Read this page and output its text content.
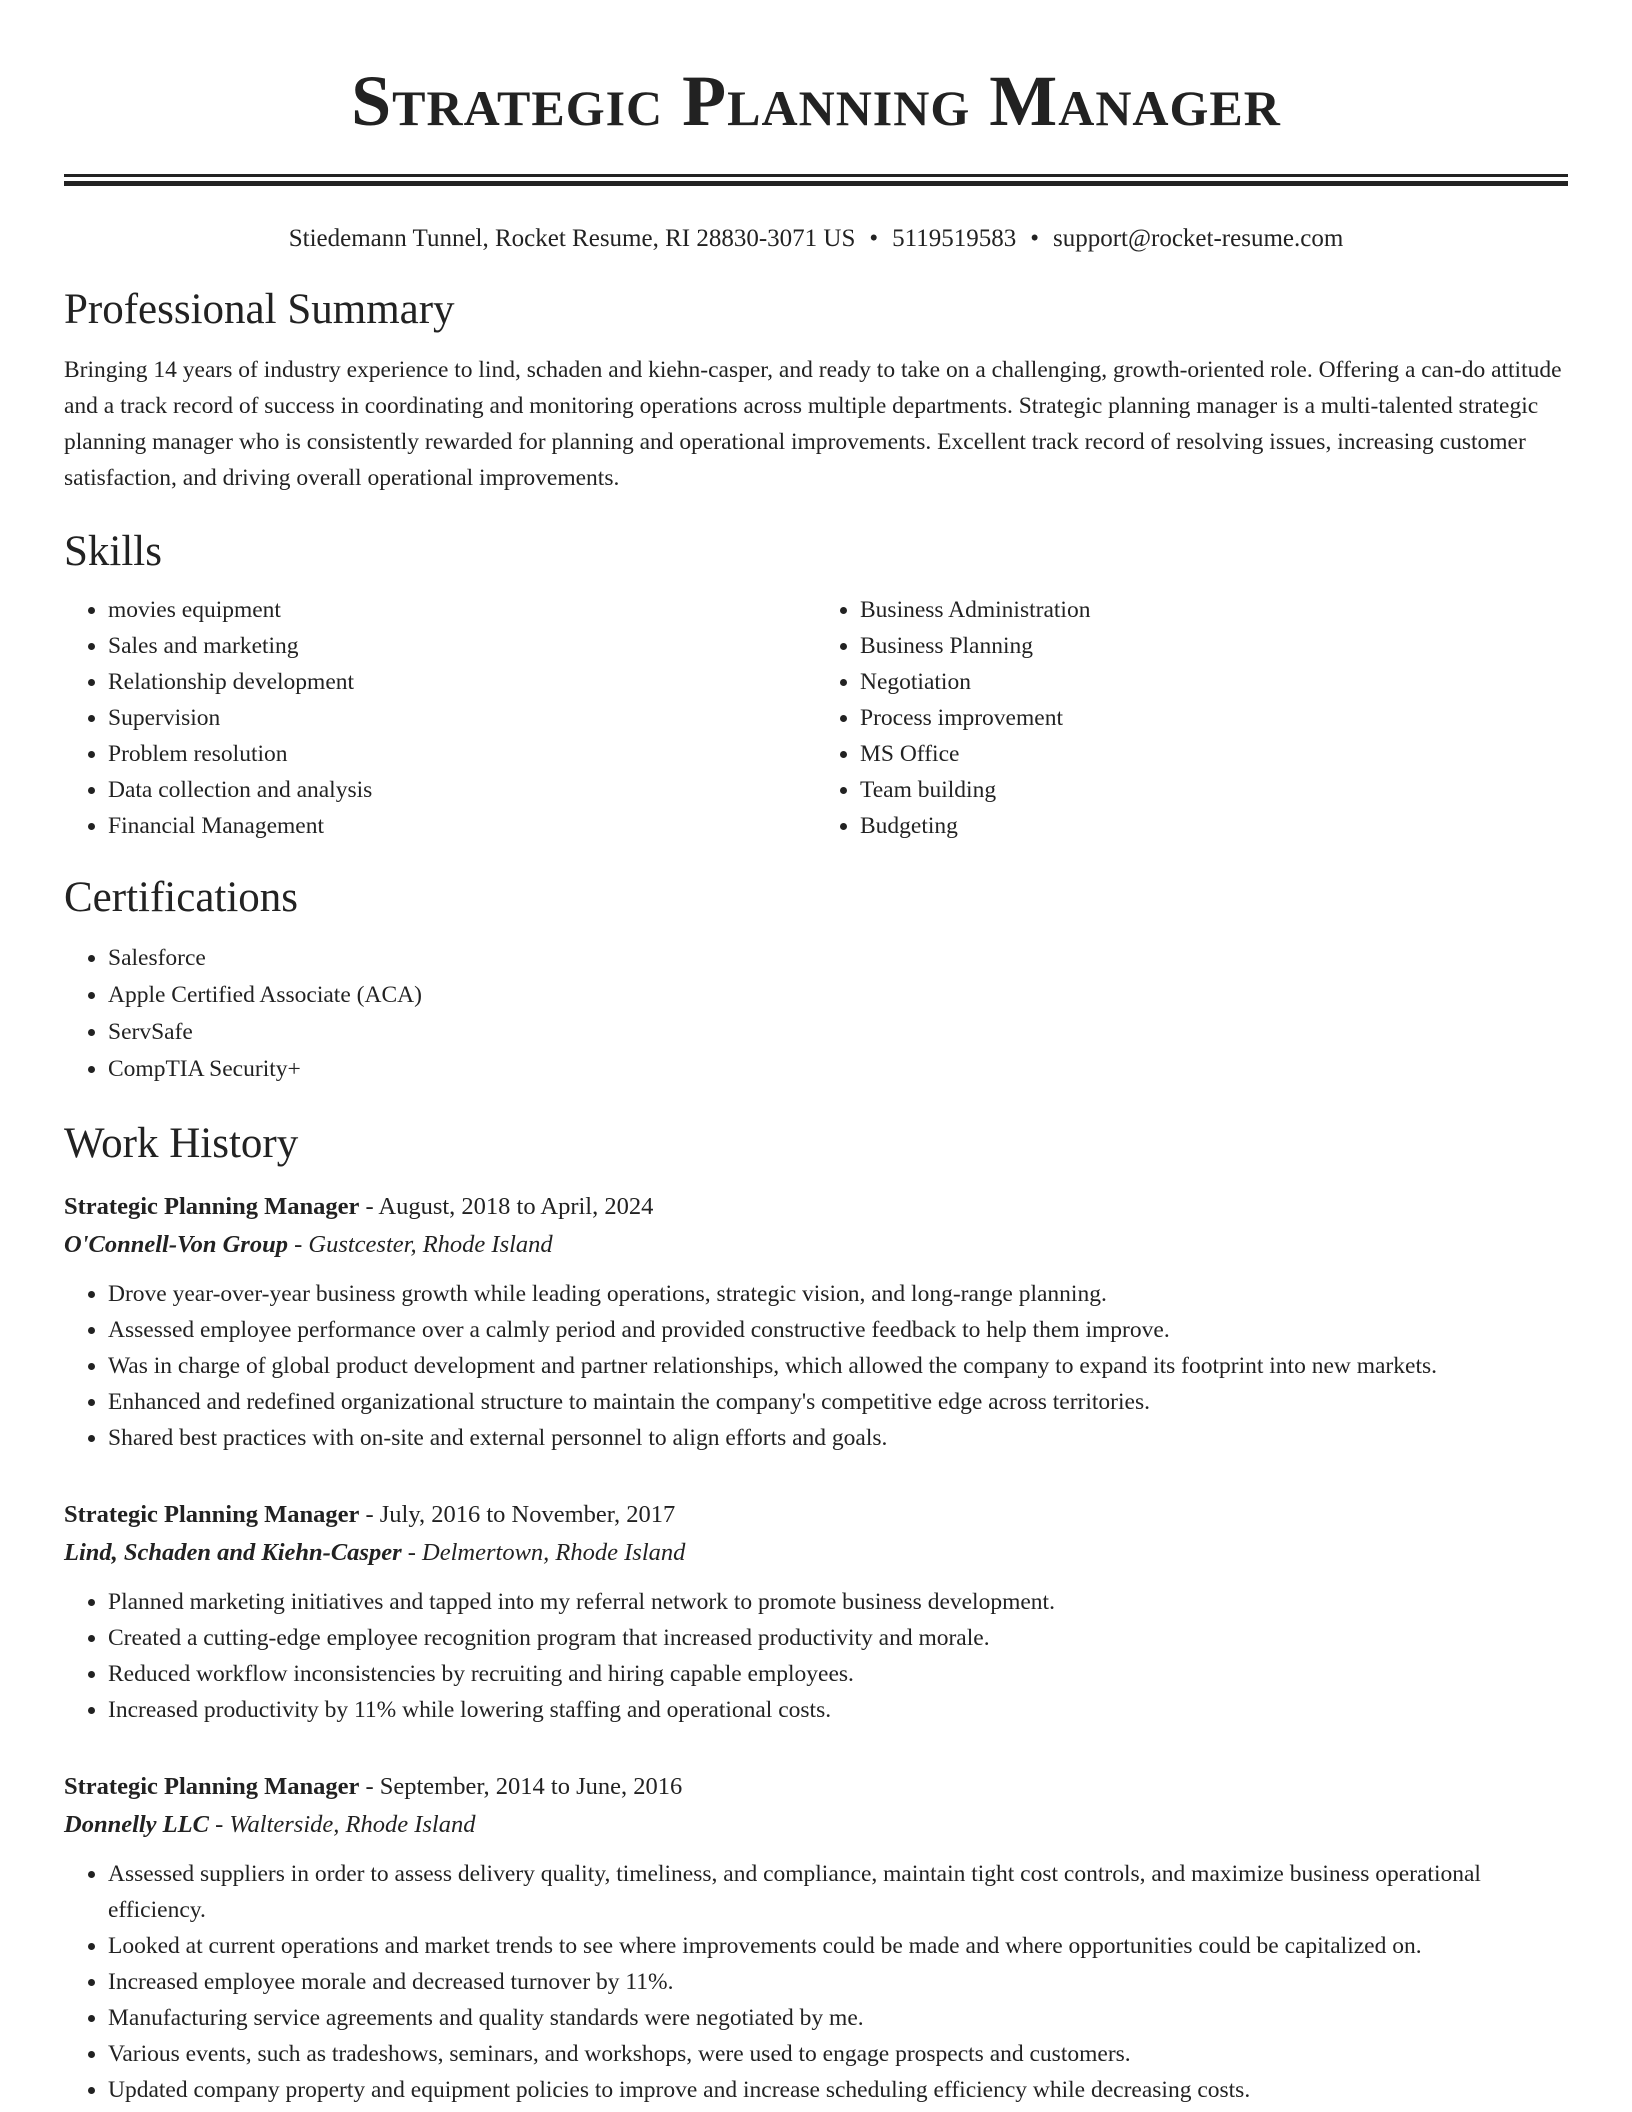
Strategic Planning Manager
Stiedemann Tunnel, Rocket Resume, RI 28830-3071 US • 5119519583 • support@rocket-resume.com
Professional Summary
Bringing 14 years of industry experience to lind, schaden and kiehn-casper, and ready to take on a challenging, growth-oriented role. Offering a can-do attitude and a track record of success in coordinating and monitoring operations across multiple departments. Strategic planning manager is a multi-talented strategic planning manager who is consistently rewarded for planning and operational improvements. Excellent track record of resolving issues, increasing customer satisfaction, and driving overall operational improvements.
Skills
• movies equipment
• Sales and marketing
• Relationship development
• Supervision
• Problem resolution
• Data collection and analysis
• Financial Management
• Business Administration
• Business Planning
• Negotiation
• Process improvement
• MS Office
• Team building
• Budgeting
Certifications
• Salesforce
• Apple Certified Associate (ACA)
• ServSafe
• CompTIA Security+
Work History
Strategic Planning Manager - August, 2018 to April, 2024
O'Connell-Von Group - Gustcester, Rhode Island
• Drove year-over-year business growth while leading operations, strategic vision, and long-range planning.
• Assessed employee performance over a calmly period and provided constructive feedback to help them improve.
• Was in charge of global product development and partner relationships, which allowed the company to expand its footprint into new markets.
• Enhanced and redefined organizational structure to maintain the company's competitive edge across territories.
• Shared best practices with on-site and external personnel to align efforts and goals.
Strategic Planning Manager - July, 2016 to November, 2017
Lind, Schaden and Kiehn-Casper - Delmertown, Rhode Island
• Planned marketing initiatives and tapped into my referral network to promote business development.
• Created a cutting-edge employee recognition program that increased productivity and morale.
• Reduced workflow inconsistencies by recruiting and hiring capable employees.
• Increased productivity by 11% while lowering staffing and operational costs.
Strategic Planning Manager - September, 2014 to June, 2016
Donnelly LLC - Walterside, Rhode Island
• Assessed suppliers in order to assess delivery quality, timeliness, and compliance, maintain tight cost controls, and maximize business operational efficiency.
• Looked at current operations and market trends to see where improvements could be made and where opportunities could be capitalized on.
• Increased employee morale and decreased turnover by 11%.
• Manufacturing service agreements and quality standards were negotiated by me.
• Various events, such as tradeshows, seminars, and workshops, were used to engage prospects and customers.
• Updated company property and equipment policies to improve and increase scheduling efficiency while decreasing costs.
